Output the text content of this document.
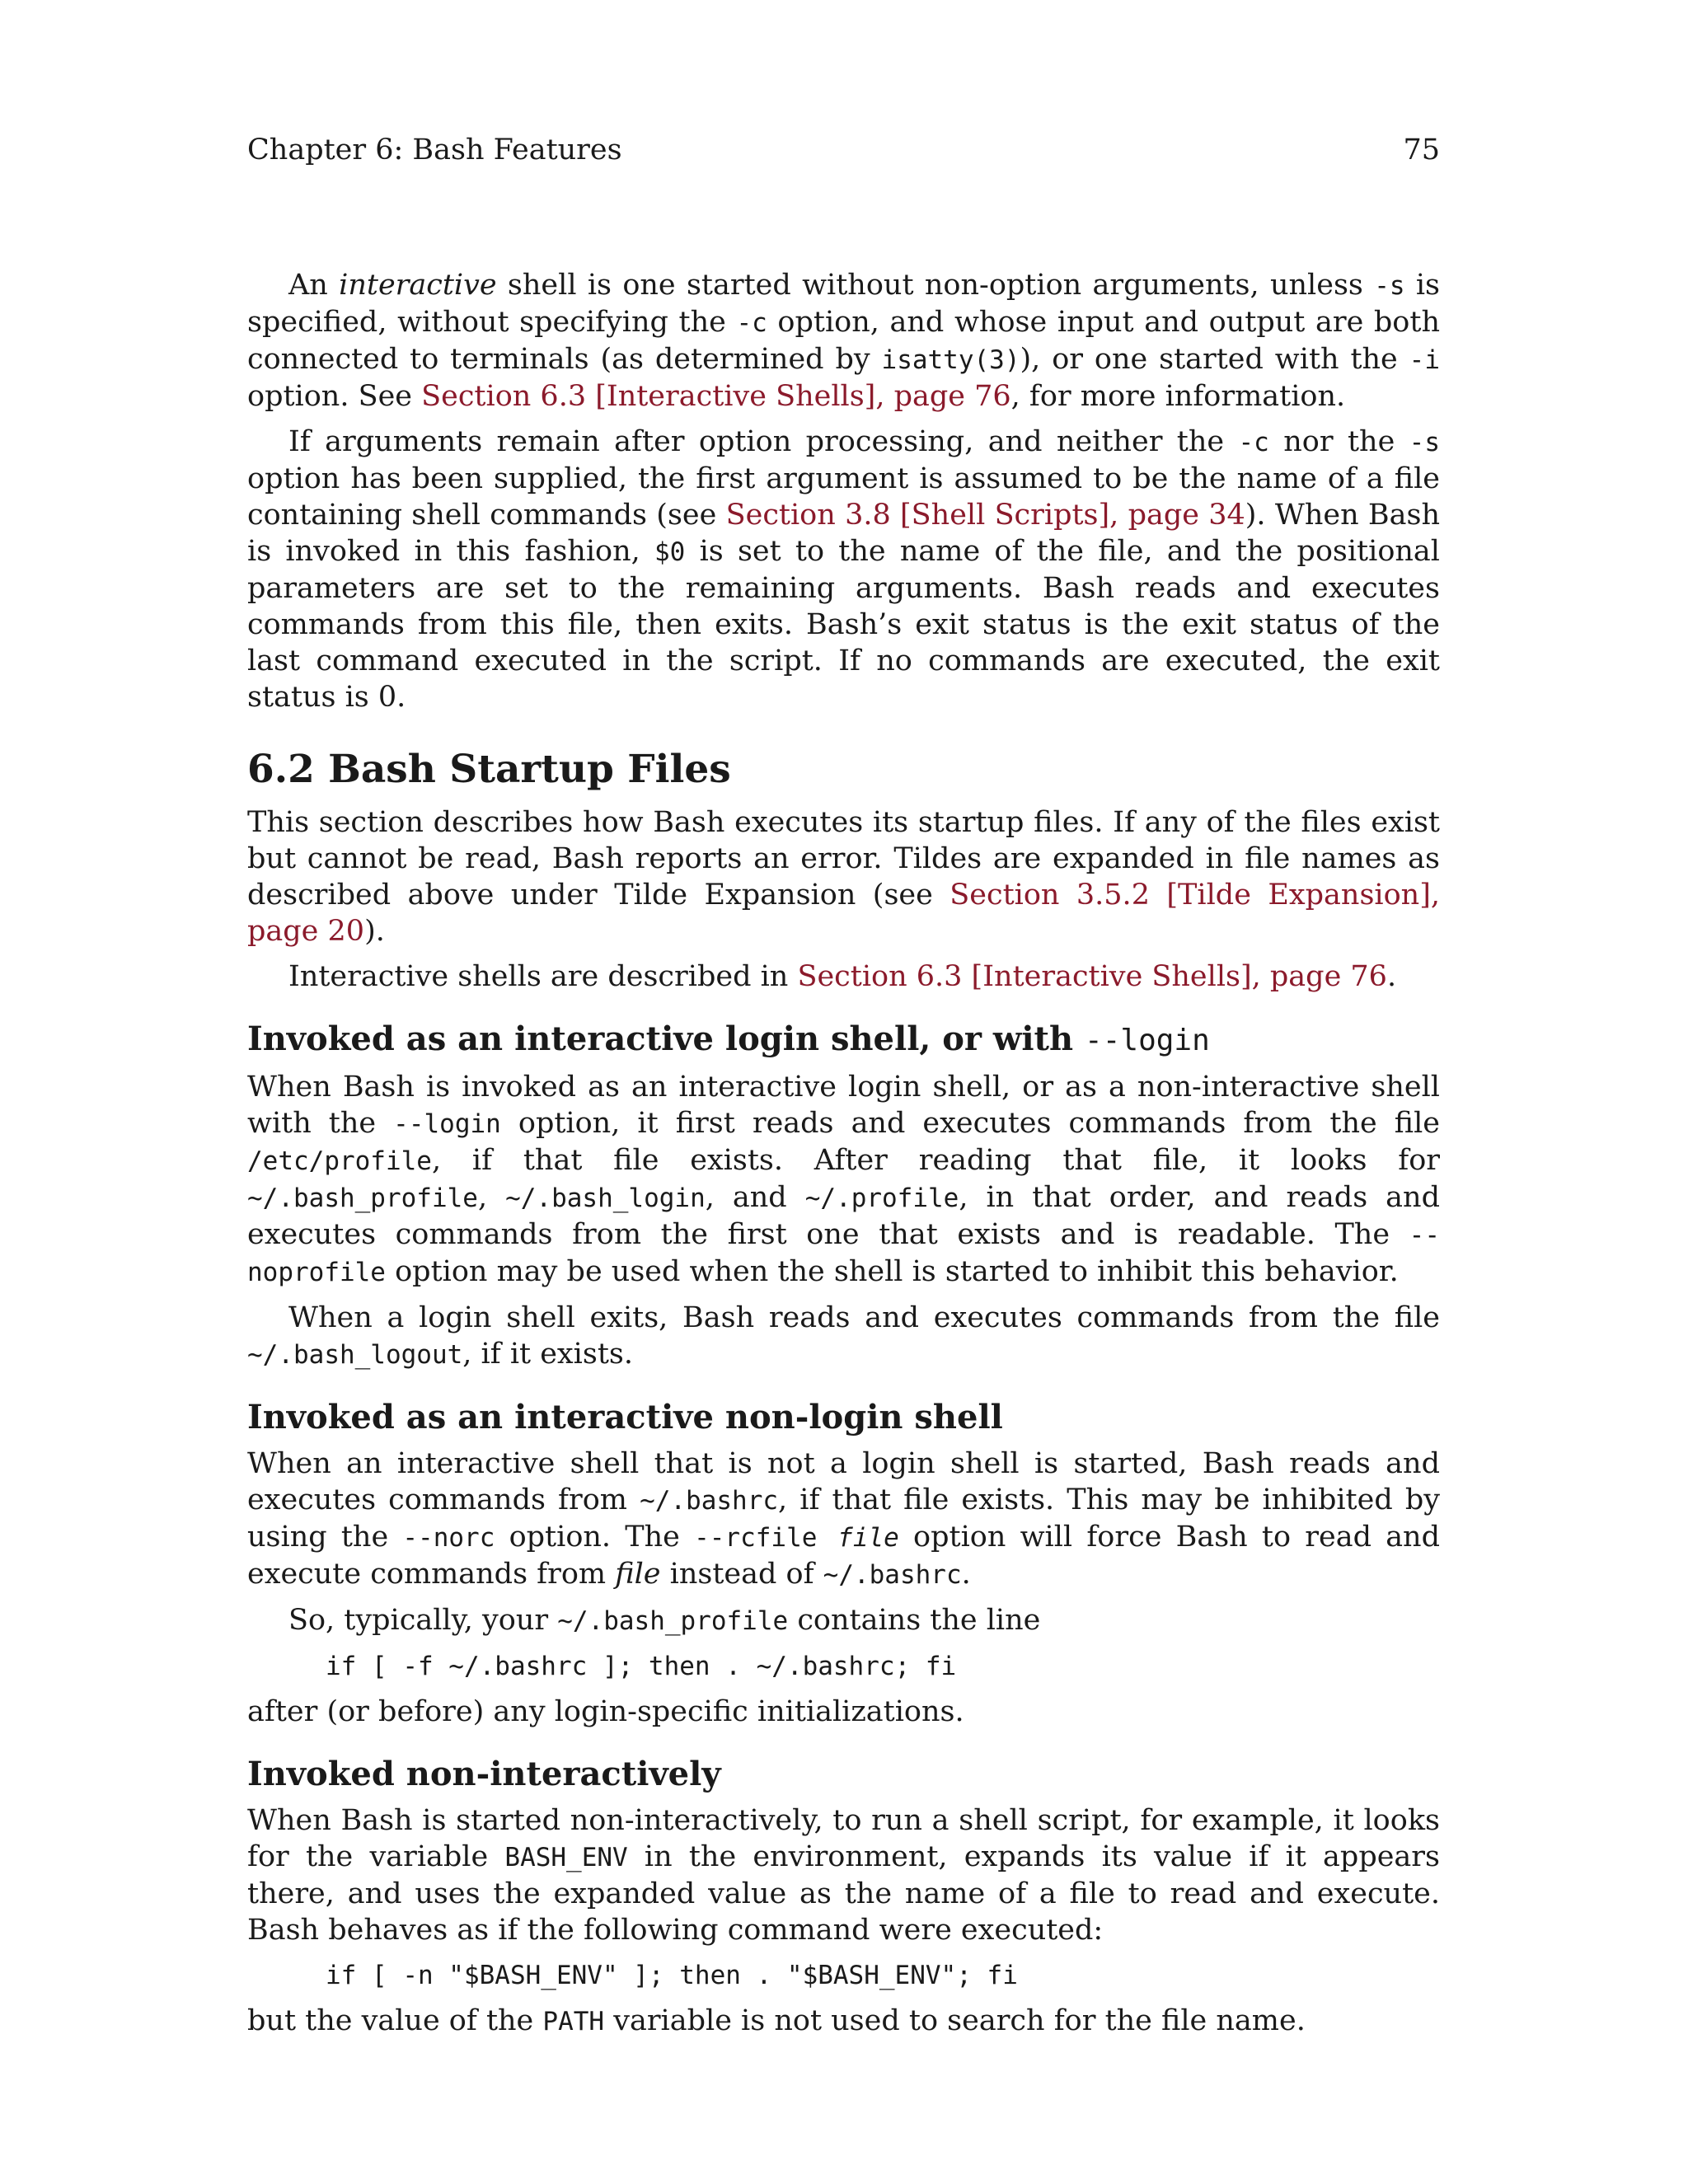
Chapter 6: Bash Features	75

An interactive shell is one started without non-option arguments, unless -s is specified, without specifying the -c option, and whose input and output are both connected to terminals (as determined by isatty(3)), or one started with the -i option. See Section 6.3 [Interactive Shells], page 76, for more information.

If arguments remain after option processing, and neither the -c nor the -s option has been supplied, the first argument is assumed to be the name of a file containing shell commands (see Section 3.8 [Shell Scripts], page 34). When Bash is invoked in this fashion, $0 is set to the name of the file, and the positional parameters are set to the remaining arguments. Bash reads and executes commands from this file, then exits. Bash’s exit status is the exit status of the last command executed in the script. If no commands are executed, the exit status is 0.

6.2 Bash Startup Files

This section describes how Bash executes its startup files. If any of the files exist but cannot be read, Bash reports an error. Tildes are expanded in file names as described above under Tilde Expansion (see Section 3.5.2 [Tilde Expansion], page 20).

Interactive shells are described in Section 6.3 [Interactive Shells], page 76.

Invoked as an interactive login shell, or with --login

When Bash is invoked as an interactive login shell, or as a non-interactive shell with the --login option, it first reads and executes commands from the file /etc/profile, if that file exists. After reading that file, it looks for ~/.bash_profile, ~/.bash_login, and ~/.profile, in that order, and reads and executes commands from the first one that exists and is readable. The --noprofile option may be used when the shell is started to inhibit this behavior.

When a login shell exits, Bash reads and executes commands from the file ~/.bash_logout, if it exists.

Invoked as an interactive non-login shell

When an interactive shell that is not a login shell is started, Bash reads and executes commands from ~/.bashrc, if that file exists. This may be inhibited by using the --norc option. The --rcfile file option will force Bash to read and execute commands from file instead of ~/.bashrc.

So, typically, your ~/.bash_profile contains the line

if [ -f ~/.bashrc ]; then . ~/.bashrc; fi

after (or before) any login-specific initializations.

Invoked non-interactively

When Bash is started non-interactively, to run a shell script, for example, it looks for the variable BASH_ENV in the environment, expands its value if it appears there, and uses the expanded value as the name of a file to read and execute. Bash behaves as if the following command were executed:

if [ -n "$BASH_ENV" ]; then . "$BASH_ENV"; fi

but the value of the PATH variable is not used to search for the file name.
